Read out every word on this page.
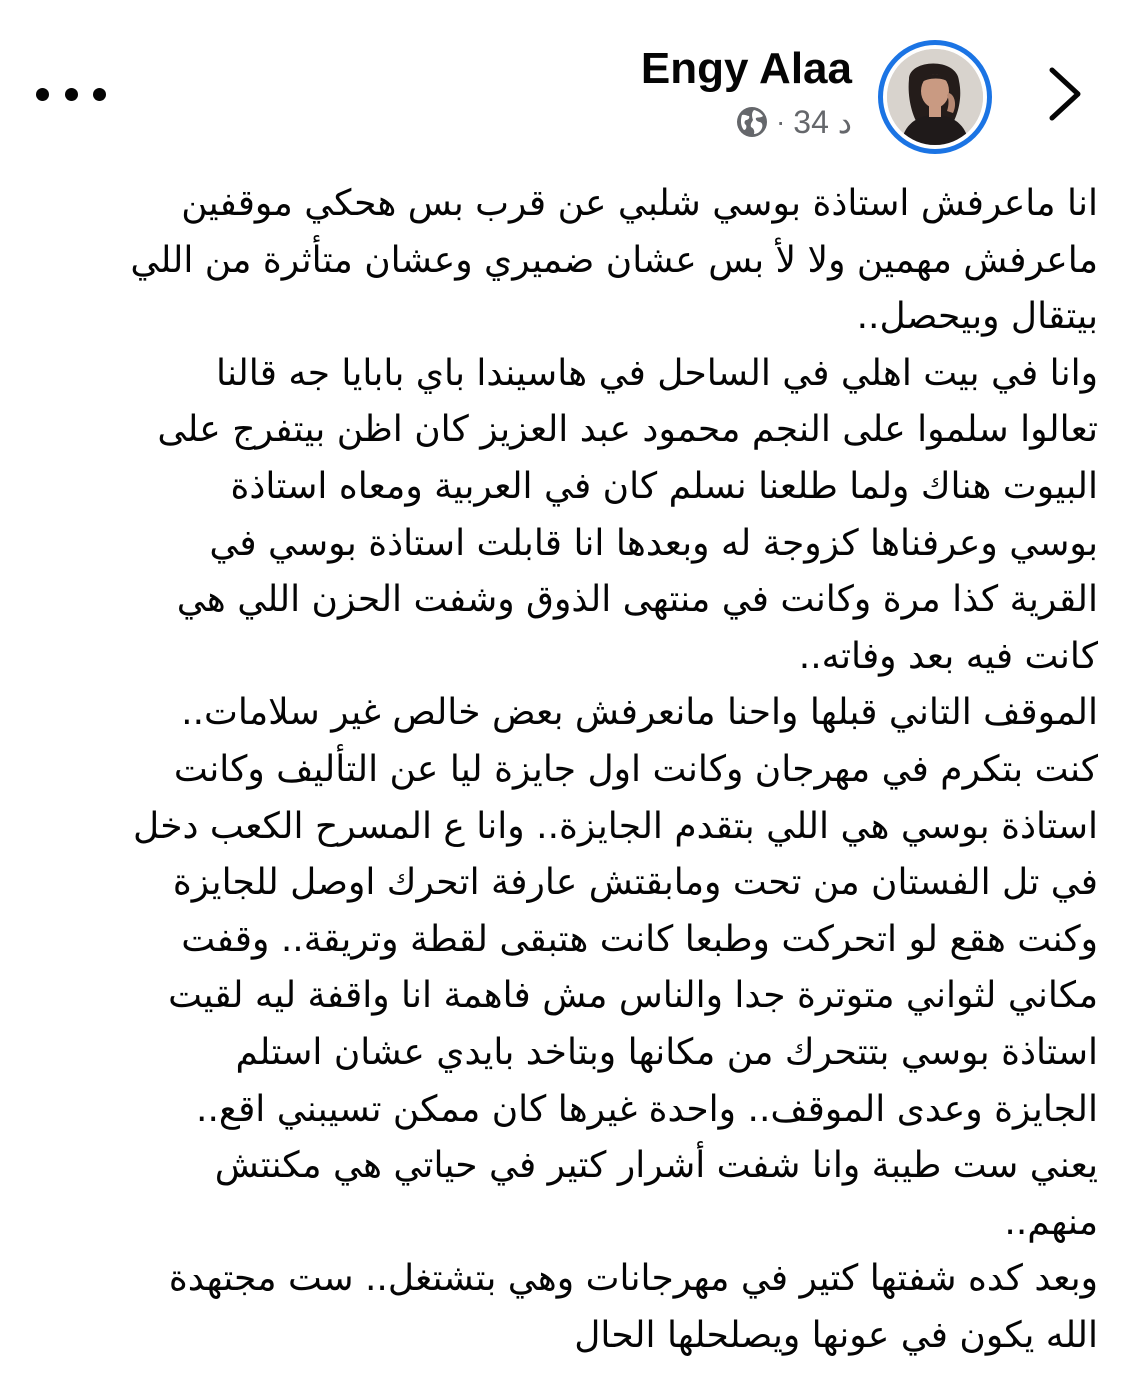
Engy Alaa
34 د
·
انا ماعرفش استاذة بوسي شلبي عن قرب بس هحكي موقفين
ماعرفش مهمين ولا لأ بس عشان ضميري وعشان متأثرة من اللي
بيتقال وبيحصل..
وانا في بيت اهلي في الساحل في هاسيندا باي بابايا جه قالنا
تعالوا سلموا على النجم محمود عبد العزيز كان اظن بيتفرج على
البيوت هناك ولما طلعنا نسلم كان في العربية ومعاه استاذة
بوسي وعرفناها كزوجة له وبعدها انا قابلت استاذة بوسي في
القرية كذا مرة وكانت في منتهى الذوق وشفت الحزن اللي هي
كانت فيه بعد وفاته..
الموقف التاني قبلها واحنا مانعرفش بعض خالص غير سلامات..
كنت بتكرم في مهرجان وكانت اول جايزة ليا عن التأليف وكانت
استاذة بوسي هي اللي بتقدم الجايزة.. وانا ع المسرح الكعب دخل
في تل الفستان من تحت ومابقتش عارفة اتحرك اوصل للجايزة
وكنت هقع لو اتحركت وطبعا كانت هتبقى لقطة وتريقة.. وقفت
مكاني لثواني متوترة جدا والناس مش فاهمة انا واقفة ليه لقيت
استاذة بوسي بتتحرك من مكانها وبتاخد بايدي عشان استلم
الجايزة وعدى الموقف.. واحدة غيرها كان ممكن تسيبني اقع..
يعني ست طيبة وانا شفت أشرار كتير في حياتي هي مكنتش
منهم..
وبعد كده شفتها كتير في مهرجانات وهي بتشتغل.. ست مجتهدة
الله يكون في عونها ويصلحلها الحال
